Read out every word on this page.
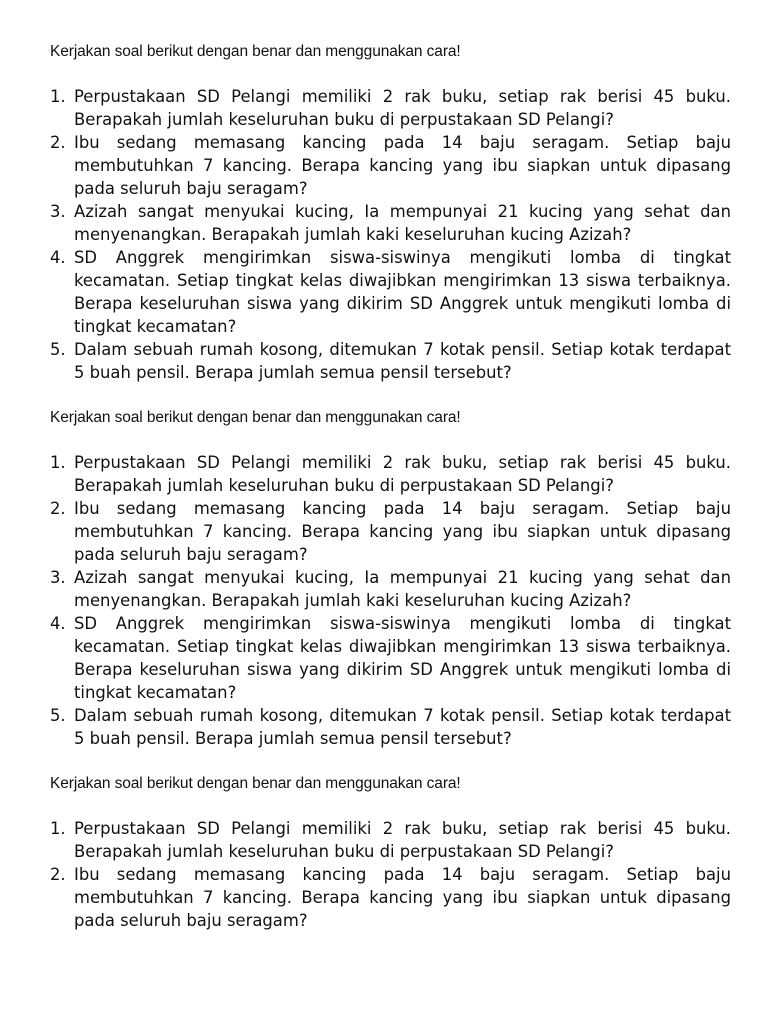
Kerjakan soal berikut dengan benar dan menggunakan cara!

1. Perpustakaan SD Pelangi memiliki 2 rak buku, setiap rak berisi 45 buku. Berapakah jumlah keseluruhan buku di perpustakaan SD Pelangi?
2. Ibu sedang memasang kancing pada 14 baju seragam. Setiap baju membutuhkan 7 kancing. Berapa kancing yang ibu siapkan untuk dipasang pada seluruh baju seragam?
3. Azizah sangat menyukai kucing, Ia mempunyai 21 kucing yang sehat dan menyenangkan. Berapakah jumlah kaki keseluruhan kucing Azizah?
4. SD Anggrek mengirimkan siswa-siswinya mengikuti lomba di tingkat kecamatan. Setiap tingkat kelas diwajibkan mengirimkan 13 siswa terbaiknya. Berapa keseluruhan siswa yang dikirim SD Anggrek untuk mengikuti lomba di tingkat kecamatan?
5. Dalam sebuah rumah kosong, ditemukan 7 kotak pensil. Setiap kotak terdapat 5 buah pensil. Berapa jumlah semua pensil tersebut?

Kerjakan soal berikut dengan benar dan menggunakan cara!

1. Perpustakaan SD Pelangi memiliki 2 rak buku, setiap rak berisi 45 buku. Berapakah jumlah keseluruhan buku di perpustakaan SD Pelangi?
2. Ibu sedang memasang kancing pada 14 baju seragam. Setiap baju membutuhkan 7 kancing. Berapa kancing yang ibu siapkan untuk dipasang pada seluruh baju seragam?
3. Azizah sangat menyukai kucing, Ia mempunyai 21 kucing yang sehat dan menyenangkan. Berapakah jumlah kaki keseluruhan kucing Azizah?
4. SD Anggrek mengirimkan siswa-siswinya mengikuti lomba di tingkat kecamatan. Setiap tingkat kelas diwajibkan mengirimkan 13 siswa terbaiknya. Berapa keseluruhan siswa yang dikirim SD Anggrek untuk mengikuti lomba di tingkat kecamatan?
5. Dalam sebuah rumah kosong, ditemukan 7 kotak pensil. Setiap kotak terdapat 5 buah pensil. Berapa jumlah semua pensil tersebut?

Kerjakan soal berikut dengan benar dan menggunakan cara!

1. Perpustakaan SD Pelangi memiliki 2 rak buku, setiap rak berisi 45 buku. Berapakah jumlah keseluruhan buku di perpustakaan SD Pelangi?
2. Ibu sedang memasang kancing pada 14 baju seragam. Setiap baju membutuhkan 7 kancing. Berapa kancing yang ibu siapkan untuk dipasang pada seluruh baju seragam?
